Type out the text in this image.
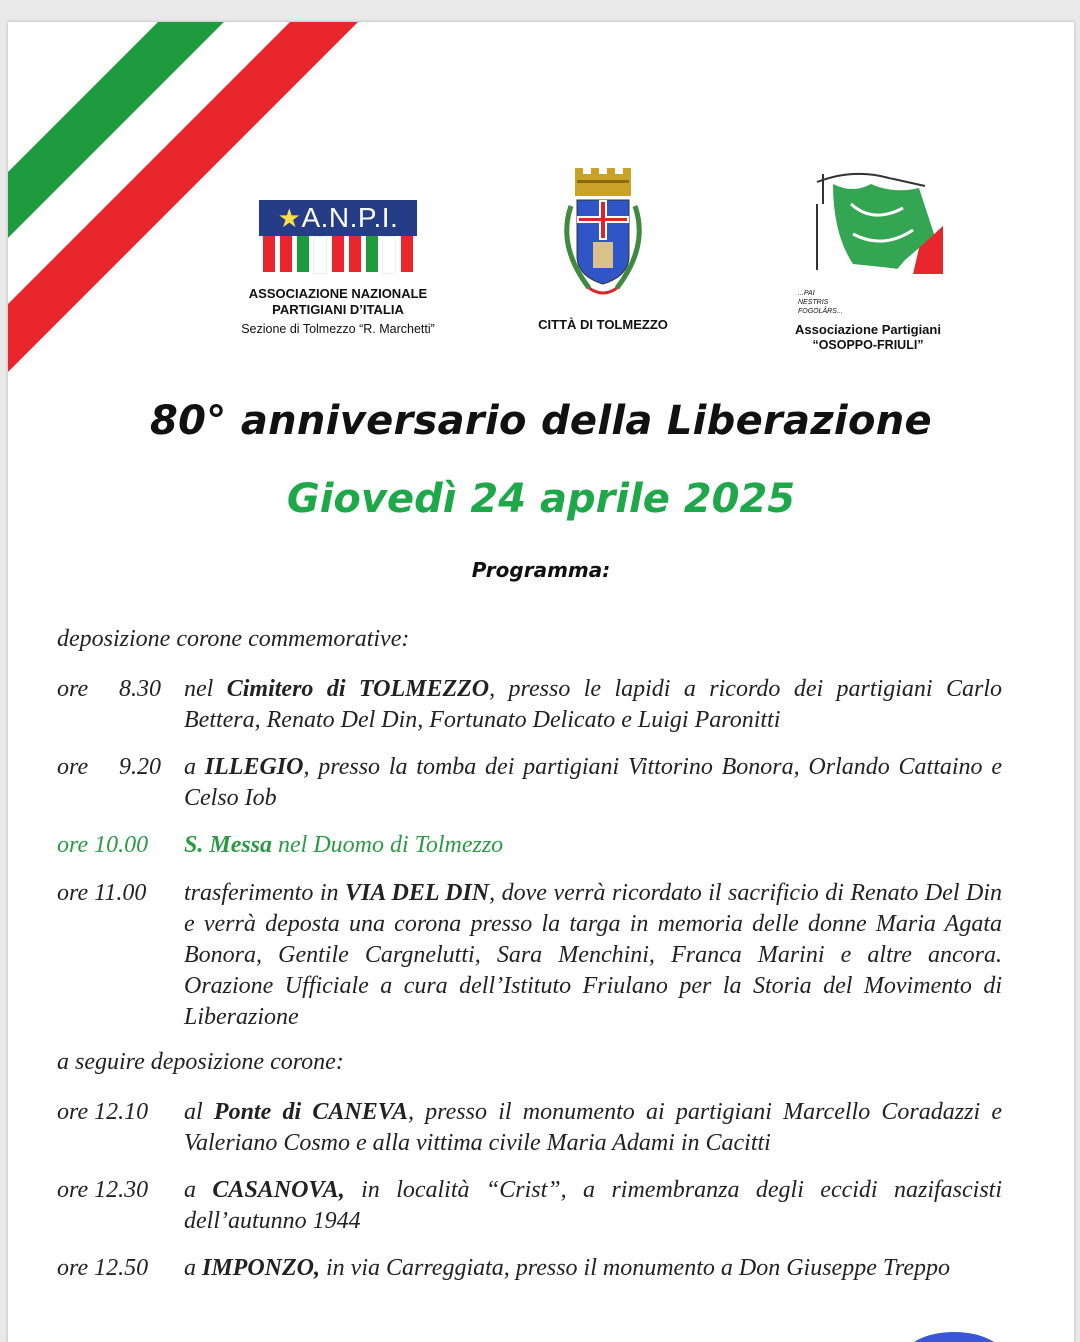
★A.N.P.I.
ASSOCIAZIONE NAZIONALE
PARTIGIANI D’ITALIA
Sezione di Tolmezzo “R. Marchetti”	CITTÀ DI TOLMEZZO
...PAI
NESTRIS
FOGOLÂRS...
Associazione Partigiani
“OSOPPO-FRIULI”
80° anniversario della Liberazione
Giovedì 24 aprile 2025
Programma:
deposizione corone commemorative:
ore 8.30 nel Cimitero di TOLMEZZO, presso le lapidi a ricordo dei partigiani Carlo Bettera, Renato Del Din, Fortunato Delicato e Luigi Paronitti
ore 9.20 a ILLEGIO, presso la tomba dei partigiani Vittorino Bonora, Orlando Cattaino e Celso Iob
ore 10.00	S. Messa nel Duomo di Tolmezzo
ore 11.00	trasferimento in VIA DEL DIN, dove verrà ricordato il sacrificio di Renato Del Din e verrà deposta una corona presso la targa in memoria delle donne Maria Agata Bonora, Gentile Cargnelutti, Sara Menchini, Franca Marini e altre ancora. Orazione Ufficiale a cura dell’Istituto Friulano per la Storia del Movimento di Liberazione
a seguire deposizione corone:
ore 12.10	al Ponte di CANEVA, presso il monumento ai partigiani Marcello Coradazzi e Valeriano Cosmo e alla vittima civile Maria Adami in Cacitti
ore 12.30	a CASANOVA, in località “Crist”, a rimembranza degli eccidi nazifascisti dell’autunno 1944
ore 12.50	a IMPONZO, in via Carreggiata, presso il monumento a Don Giuseppe Treppo
